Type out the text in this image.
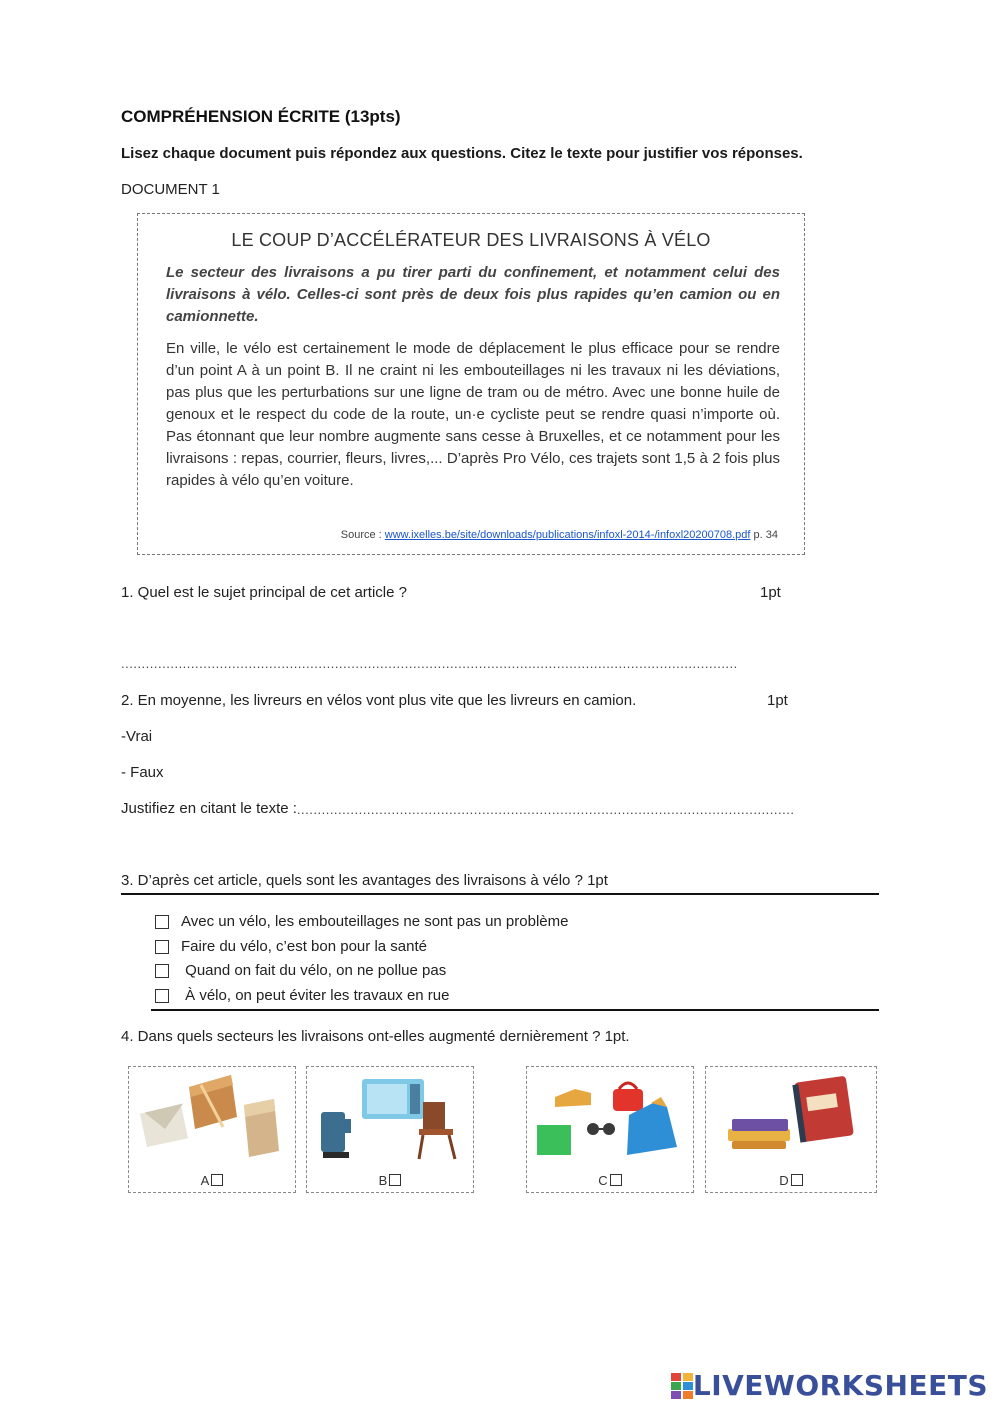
COMPRÉHENSION ÉCRITE (13pts)
Lisez chaque document puis répondez aux questions. Citez le texte pour justifier vos réponses.
DOCUMENT 1
LE COUP D’ACCÉLÉRATEUR DES LIVRAISONS À VÉLO
Le secteur des livraisons a pu tirer parti du confinement, et notamment celui des livraisons à vélo. Celles-ci sont près de deux fois plus rapides qu’en camion ou en camionnette.
En ville, le vélo est certainement le mode de déplacement le plus efficace pour se rendre d’un point A à un point B. Il ne craint ni les embouteillages ni les travaux ni les déviations, pas plus que les perturbations sur une ligne de tram ou de métro. Avec une bonne huile de genoux et le respect du code de la route, un·e cycliste peut se rendre quasi n’importe où. Pas étonnant que leur nombre augmente sans cesse à Bruxelles, et ce notamment pour les livraisons : repas, courrier, fleurs, livres,... D’après Pro Vélo, ces trajets sont 1,5 à 2 fois plus rapides à vélo qu’en voiture.
Source : www.ixelles.be/site/downloads/publications/infoxl-2014-/infoxl20200708.pdf p. 34
1. Quel est le sujet principal de cet article ?	1pt
......................................................................................................................................................
2. En moyenne, les livreurs en vélos vont plus vite que les livreurs en camion.	1pt
-Vrai
- Faux
Justifiez en citant le texte : .........................................................................................................................
3. D’après cet article, quels sont les avantages des livraisons à vélo ? 1pt
Avec un vélo, les embouteillages ne sont pas un problème
Faire du vélo, c’est bon pour la santé
Quand on fait du vélo, on ne pollue pas
À vélo, on peut éviter les travaux en rue
4. Dans quels secteurs les livraisons ont-elles augmenté dernièrement ? 1pt.
A	B	C	D
LIVEWORKSHEETS
